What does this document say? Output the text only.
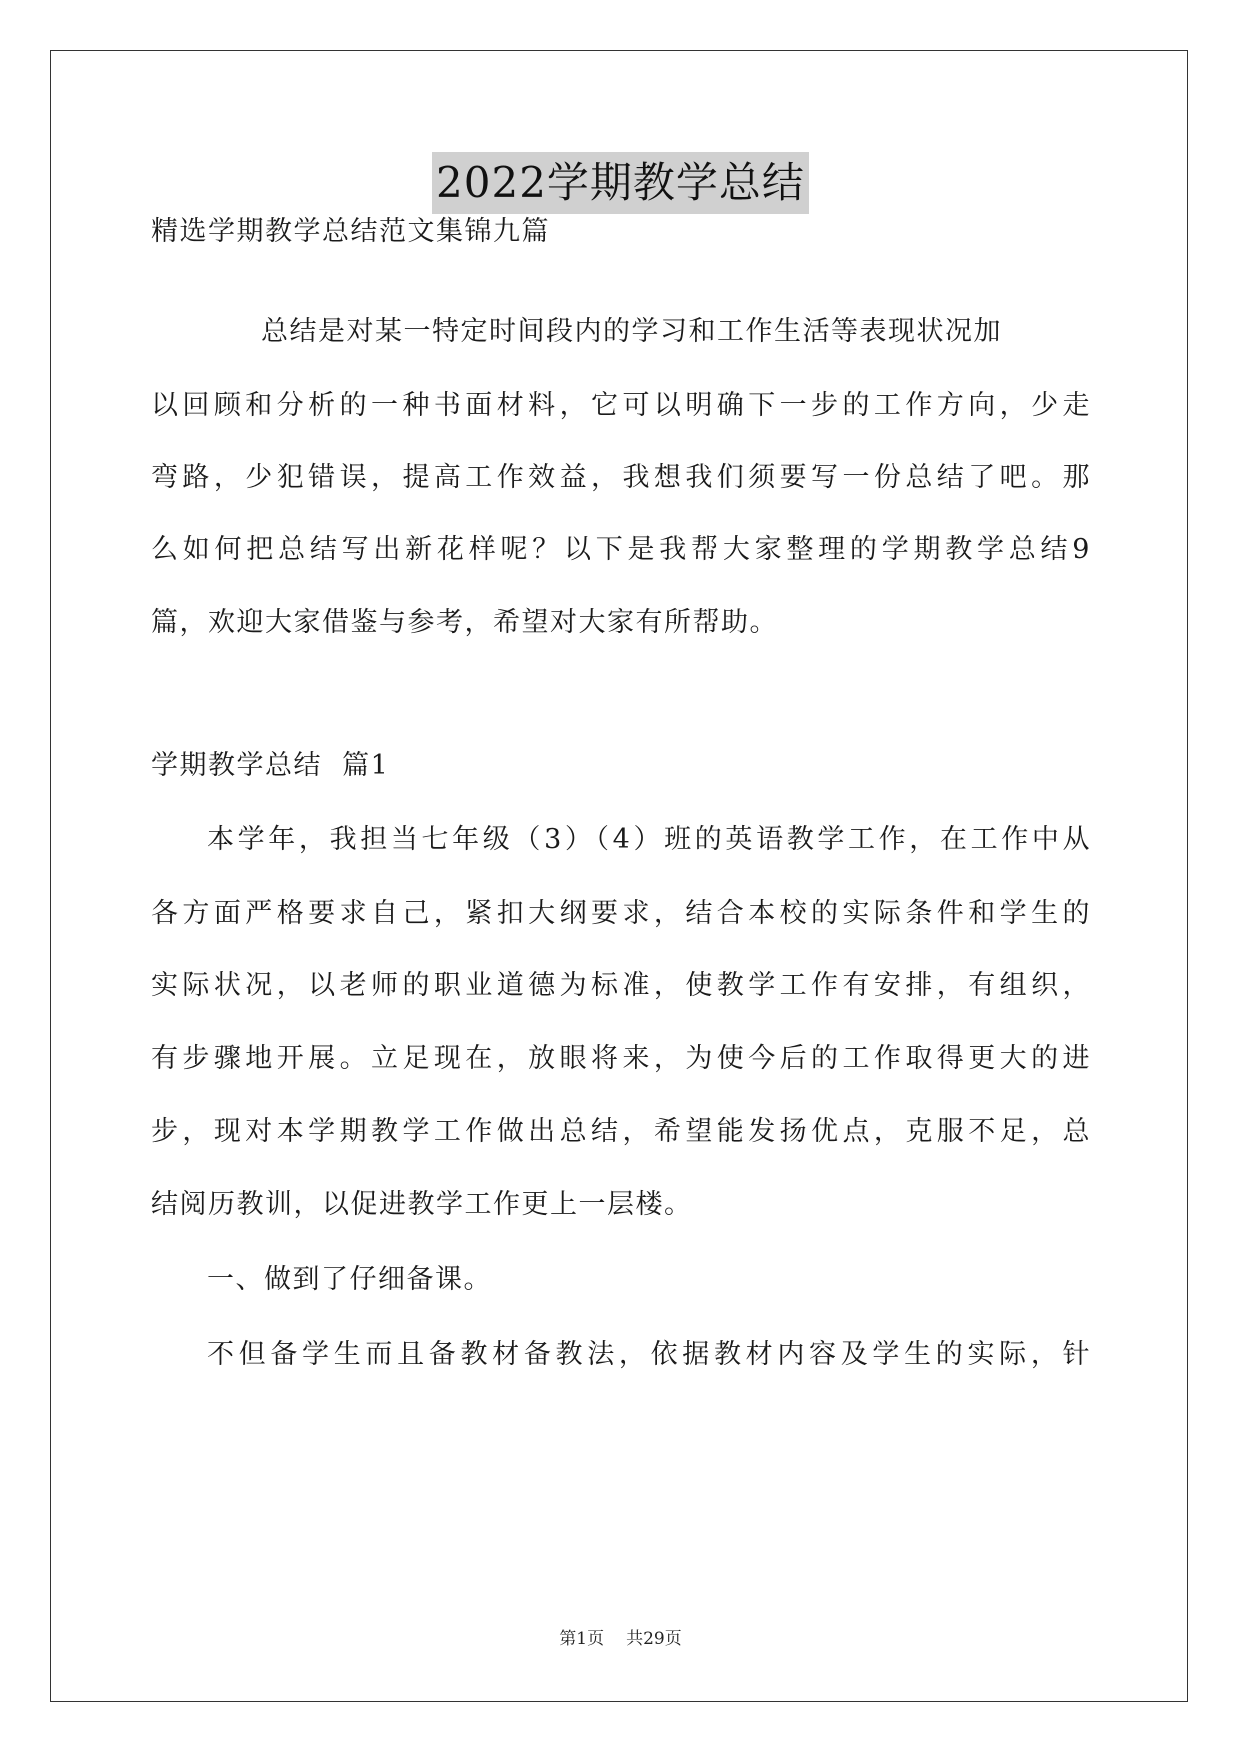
2022学期教学总结
精选学期教学总结范文集锦九篇
总结是对某一特定时间段内的学习和工作生活等表现状况加
以回顾和分析的一种书面材料，它可以明确下一步的工作方向，少走
弯路，少犯错误，提高工作效益，我想我们须要写一份总结了吧。那
么如何把总结写出新花样呢？以下是我帮大家整理的学期教学总结9
篇，欢迎大家借鉴与参考，希望对大家有所帮助。
学期教学总结  篇1
本学年，我担当七年级（3）（4）班的英语教学工作，在工作中从
各方面严格要求自己，紧扣大纲要求，结合本校的实际条件和学生的
实际状况，以老师的职业道德为标准，使教学工作有安排，有组织，
有步骤地开展。立足现在，放眼将来，为使今后的工作取得更大的进
步，现对本学期教学工作做出总结，希望能发扬优点，克服不足，总
结阅历教训，以促进教学工作更上一层楼。
一、做到了仔细备课。
不但备学生而且备教材备教法，依据教材内容及学生的实际，针
第1页 共29页
